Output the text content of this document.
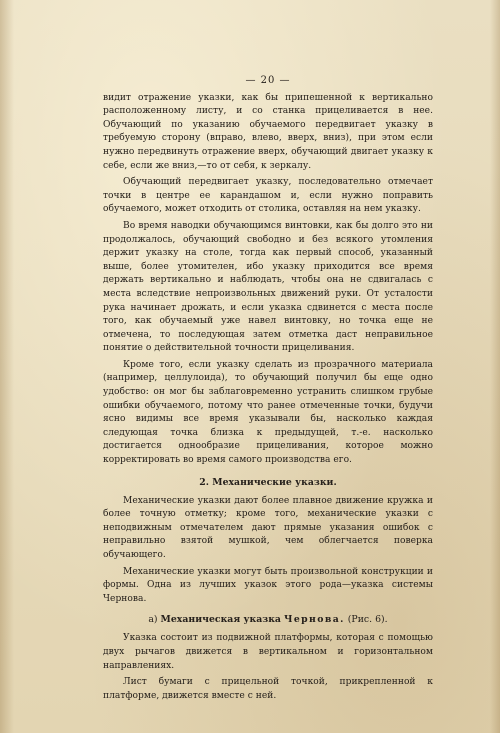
— 20 —

видит отражение указки, как бы припешенной к вертикально расположенному листу, и со станка прицеливается в нее. Обучающий по указанию обучаемого передвигает указку в требуемую сторону (вправо, влево, вверх, вниз), при этом если нужно передвинуть отражение вверх, обучающий двигает указку к себе, если же вниз,—то от себя, к зеркалу.

Обучающий передвигает указку, последовательно отмечает точки в центре ее карандашом и, если нужно поправить обучаемого, может отходить от столика, оставляя на нем указку.

Во время наводки обучающимся винтовки, как бы долго это ни продолжалось, обучающий свободно и без всякого утомления держит указку на столе, тогда как первый способ, указанный выше, более утомителен, ибо указку приходится все время держать вертикально и наблюдать, чтобы она не сдвигалась с места вследствие непроизвольных движений руки. От усталости рука начинает дрожать, и если указка сдвинется с места после того, как обучаемый уже навел винтовку, но точка еще не отмечена, то последующая затем отметка даст неправильное понятие о действительной точности прицеливания.

Кроме того, если указку сделать из прозрачного материала (например, целлулоида), то обучающий получил бы еще одно удобство: он мог бы заблаговременно устранить слишком грубые ошибки обучаемого, потому что ранее отмеченные точки, будучи ясно видимы все время указывали бы, насколько каждая следующая точка близка к предыдущей, т.-е. насколько достигается однообразие прицеливания, которое можно корректировать во время самого производства его.

2. Механические указки.

Механические указки дают более плавное движение кружка и более точную отметку; кроме того, механические указки с неподвижным отмечателем дают прямые указания ошибок с неправильно взятой мушкой, чем облегчается поверка обучающего.

Механические указки могут быть произвольной конструкции и формы. Одна из лучших указок этого рода—указка системы Чернова.

а) Механическая указка Чернова. (Рис. 6).

Указка состоит из подвижной платформы, которая с помощью двух рычагов движется в вертикальном и горизонтальном направлениях.

Лист бумаги с прицельной точкой, прикрепленной к платформе, движется вместе с ней.
